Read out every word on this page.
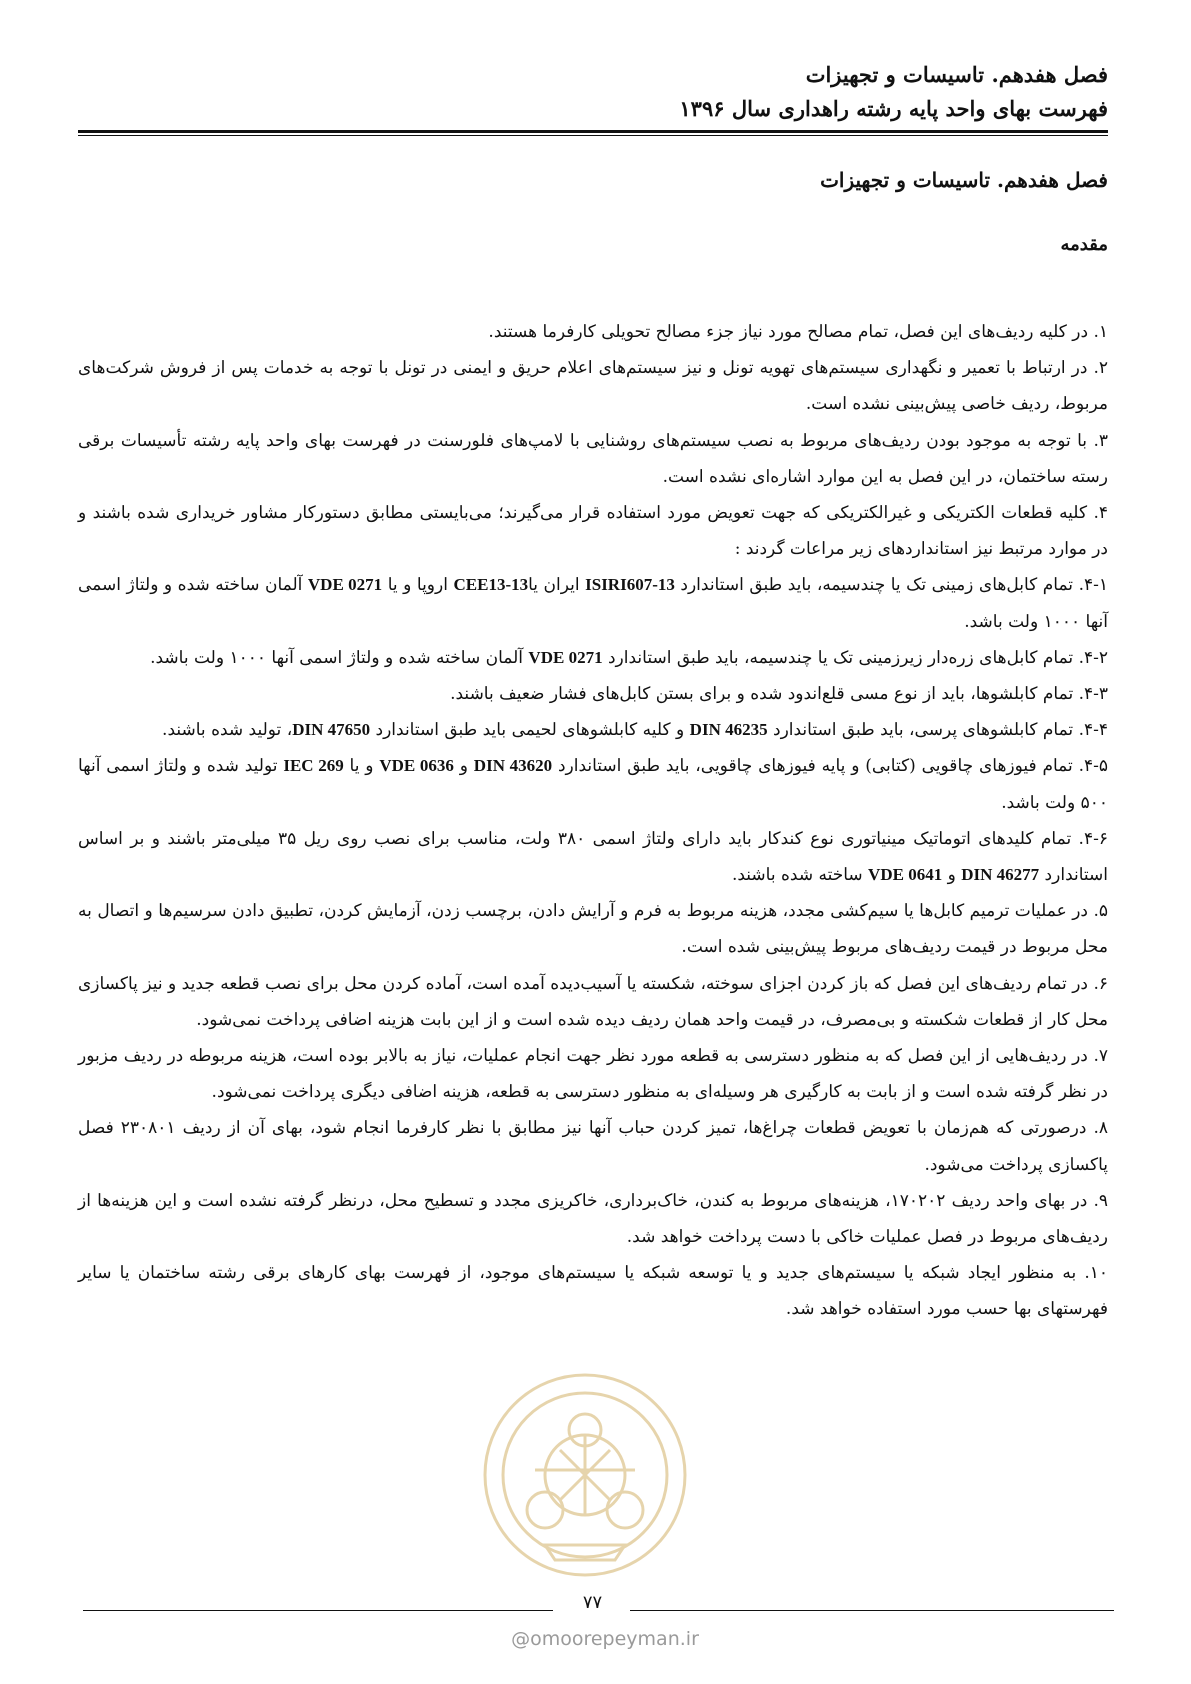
فصل هفدهم. تاسیسات و تجهیزات

فهرست بهای واحد پایه رشته راهداری سال ۱۳۹۶

فصل هفدهم. تاسیسات و تجهیزات
مقدمه

۱. در کلیه ردیف‌های این فصل، تمام مصالح مورد نیاز جزء مصالح تحویلی کارفرما هستند.

۲. در ارتباط با تعمیر و نگهداری سیستم‌های تهویه تونل و نیز سیستم‌های اعلام حریق و ایمنی در تونل با توجه به خدمات پس از فروش شرکت‌های مربوط، ردیف خاصی پیش‌بینی نشده است.

۳. با توجه به موجود بودن ردیف‌های مربوط به نصب سیستم‌های روشنایی با لامپ‌های فلورسنت در فهرست بهای واحد پایه رشته تأسیسات برقی رسته ساختمان، در این فصل به این موارد اشاره‌ای نشده است.

۴. کلیه قطعات الکتریکی و غیرالکتریکی که جهت تعویض مورد استفاده قرار می‌گیرند؛ می‌بایستی مطابق دستورکار مشاور خریداری شده باشند و در موارد مرتبط نیز استانداردهای زیر مراعات گردند :

۴-۱. تمام کابل‌های زمینی تک یا چندسیمه، باید طبق استاندارد ISIRI607-13 ایران یاCEE13-13 اروپا و یا VDE 0271 آلمان ساخته شده و ولتاژ اسمی آنها ۱۰۰۰ ولت باشد.

۴-۲. تمام کابل‌های زره‌دار زیرزمینی تک یا چندسیمه، باید طبق استاندارد VDE 0271 آلمان ساخته شده و ولتاژ اسمی آنها ۱۰۰۰ ولت باشد.

۴-۳. تمام کابلشوها، باید از نوع مسی قلع‌اندود شده و برای بستن کابل‌های فشار ضعیف باشند.

۴-۴. تمام کابلشوهای پرسی، باید طبق استاندارد DIN 46235 و کلیه کابلشوهای لحیمی باید طبق استاندارد DIN 47650، تولید شده باشند.

۴-۵. تمام فیوزهای چاقویی (کتابی) و پایه فیوزهای چاقویی، باید طبق استاندارد DIN 43620 و VDE 0636 و یا IEC 269 تولید شده و ولتاژ اسمی آنها ۵۰۰ ولت باشد.

۴-۶. تمام کلیدهای اتوماتیک مینیاتوری نوع کندکار باید دارای ولتاژ اسمی ۳۸۰ ولت، مناسب برای نصب روی ریل ۳۵ میلی‌متر باشند و بر اساس استاندارد DIN 46277 و VDE 0641 ساخته شده باشند.

۵. در عملیات ترمیم کابل‌ها یا سیم‌کشی مجدد، هزینه مربوط به فرم و آرایش دادن، برچسب زدن، آزمایش کردن، تطبیق دادن سرسیم‌ها و اتصال به محل مربوط در قیمت ردیف‌های مربوط پیش‌بینی شده است.

۶. در تمام ردیف‌های این فصل که باز کردن اجزای سوخته، شکسته یا آسیب‌دیده آمده است، آماده کردن محل برای نصب قطعه جدید و نیز پاکسازی محل کار از قطعات شکسته و بی‌مصرف، در قیمت واحد همان ردیف دیده شده است و از این بابت هزینه اضافی پرداخت نمی‌شود.

۷. در ردیف‌هایی از این فصل که به منظور دسترسی به قطعه مورد نظر جهت انجام عملیات، نیاز به بالابر بوده است، هزینه مربوطه در ردیف مزبور در نظر گرفته شده است و از بابت به کارگیری هر وسیله‌ای به منظور دسترسی به قطعه، هزینه اضافی دیگری پرداخت نمی‌شود.

۸. درصورتی که هم‌زمان با تعویض قطعات چراغ‌ها، تمیز کردن حباب آنها نیز مطابق با نظر کارفرما انجام شود، بهای آن از ردیف ۲۳۰۸۰۱ فصل پاکسازی پرداخت می‌شود.

۹. در بهای واحد ردیف ۱۷۰۲۰۲، هزینه‌های مربوط به کندن، خاک‌برداری، خاکریزی مجدد و تسطیح محل، درنظر گرفته نشده است و این هزینه‌ها از ردیف‌های مربوط در فصل عملیات خاکی با دست پرداخت خواهد شد.

۱۰. به منظور ایجاد شبکه یا سیستم‌های جدید و یا توسعه شبکه یا سیستم‌های موجود، از فهرست بهای کارهای برقی رشته ساختمان یا سایر فهرستهای بها حسب مورد استفاده خواهد شد.

۷۷
@omoorepeyman.ir
